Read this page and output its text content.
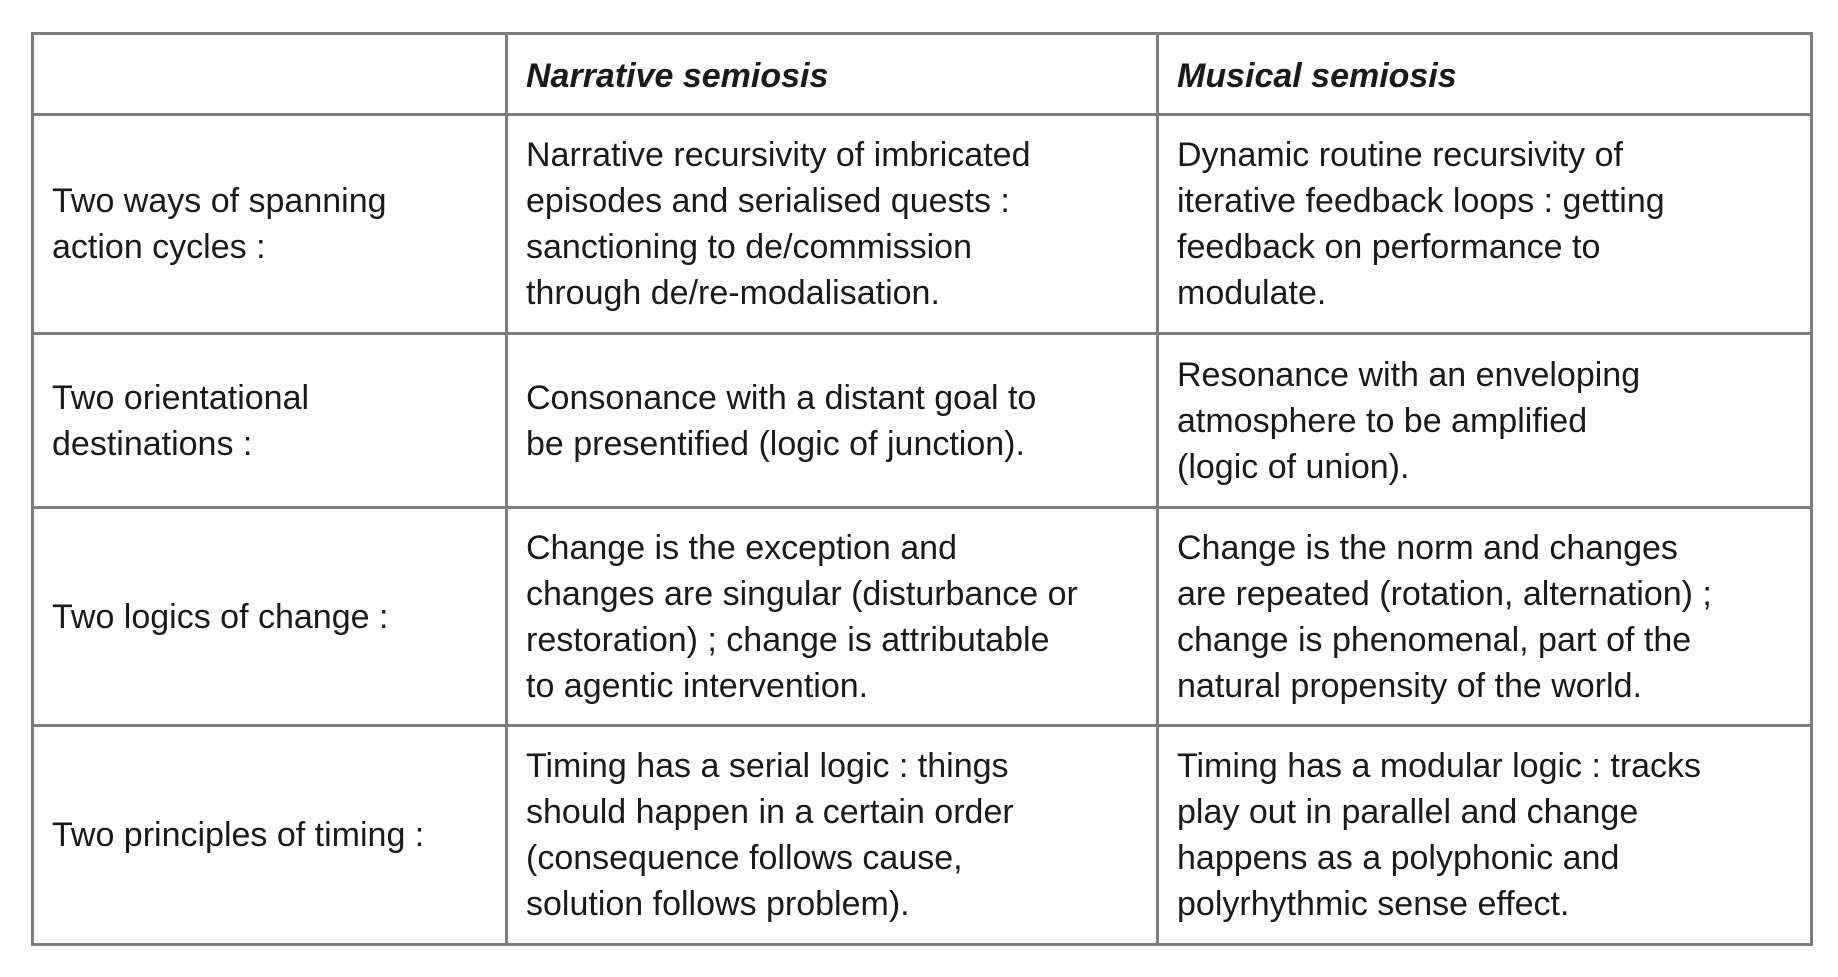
	Narrative semiosis	Musical semiosis

Two ways of spanning
action cycles :	Narrative recursivity of imbricated
episodes and serialised quests :
sanctioning to de/commission
through de/re-modalisation.	Dynamic routine recursivity of
iterative feedback loops : getting
feedback on performance to
modulate.

Two orientational
destinations :	Consonance with a distant goal to
be presentified (logic of junction).	Resonance with an enveloping
atmosphere to be amplified
(logic of union).

Two logics of change :	Change is the exception and
changes are singular (disturbance or
restoration) ; change is attributable
to agentic intervention.	Change is the norm and changes
are repeated (rotation, alternation) ;
change is phenomenal, part of the
natural propensity of the world.

Two principles of timing :	Timing has a serial logic : things
should happen in a certain order
(consequence follows cause,
solution follows problem).	Timing has a modular logic : tracks
play out in parallel and change
happens as a polyphonic and
polyrhythmic sense effect.
